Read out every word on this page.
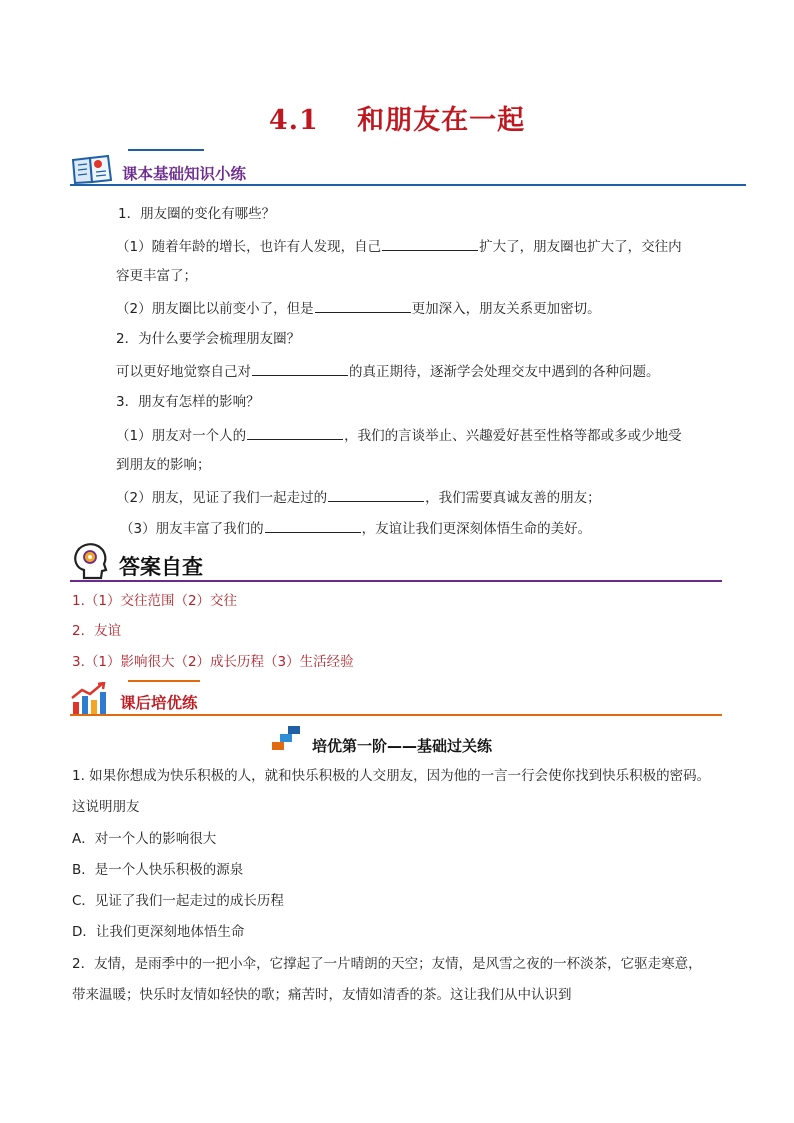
4.1　 和朋友在一起
课本基础知识小练
1．朋友圈的变化有哪些？
（1）随着年龄的增长，也许有人发现，自己	扩大了，朋友圈也扩大了，交往内
容更丰富了；
（2）朋友圈比以前变小了，但是	更加深入，朋友关系更加密切。
2．为什么要学会梳理朋友圈？
可以更好地觉察自己对	的真正期待，逐渐学会处理交友中遇到的各种问题。
3．朋友有怎样的影响？
（1）朋友对一个人的	，我们的言谈举止、兴趣爱好甚至性格等都或多或少地受
到朋友的影响；
（2）朋友，见证了我们一起走过的	，我们需要真诚友善的朋友；
（3）朋友丰富了我们的	，友谊让我们更深刻体悟生命的美好。
答案自查
1.（1）交往范围（2）交往
2．友谊
3.（1）影响很大（2）成长历程（3）生活经验
课后培优练
培优第一阶——基础过关练
1. 如果你想成为快乐积极的人，就和快乐积极的人交朋友，因为他的一言一行会使你找到快乐积极的密码。
这说明朋友
A．对一个人的影响很大
B．是一个人快乐积极的源泉
C．见证了我们一起走过的成长历程
D．让我们更深刻地体悟生命
2．友情，是雨季中的一把小伞，它撑起了一片晴朗的天空；友情，是风雪之夜的一杯淡茶，它驱走寒意，
带来温暖；快乐时友情如轻快的歌；痛苦时，友情如清香的茶。这让我们从中认识到
